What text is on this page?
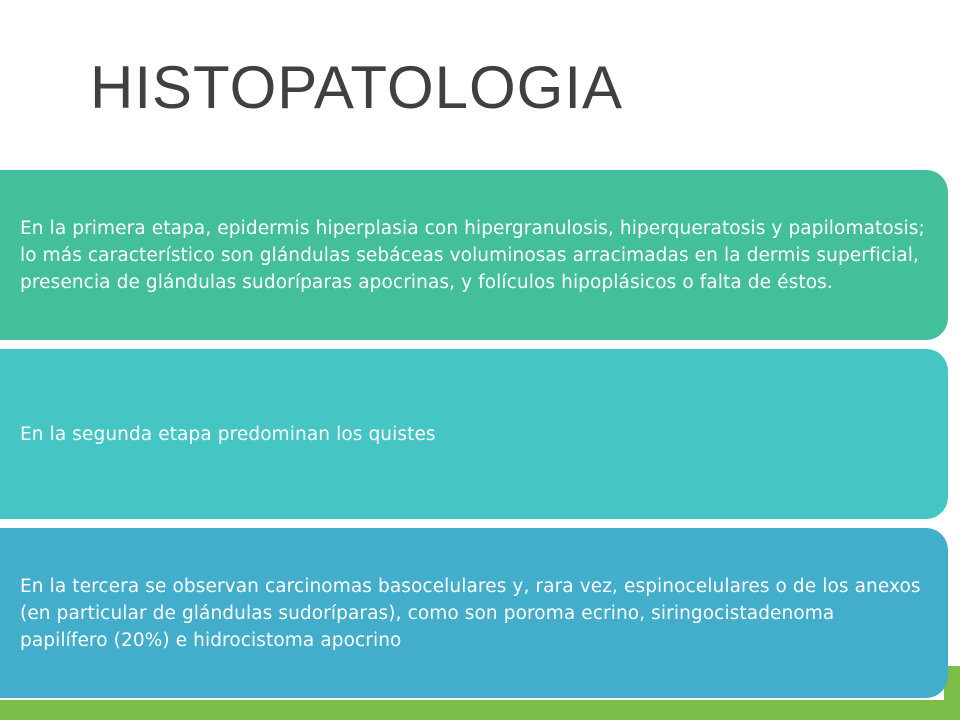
HISTOPATOLOGIA
En la primera etapa, epidermis hiperplasia con hipergranulosis, hiperqueratosis y papilomatosis; lo más característico son glándulas sebáceas voluminosas arracimadas en la dermis superficial, presencia de glándulas sudoríparas apocrinas, y folículos hipoplásicos o falta de éstos.
En la segunda etapa predominan los quistes
En la tercera se observan carcinomas basocelulares y, rara vez, espinocelulares o de los anexos (en particular de glándulas sudoríparas), como son poroma ecrino, siringocistadenoma papilífero (20%) e hidrocistoma apocrino
